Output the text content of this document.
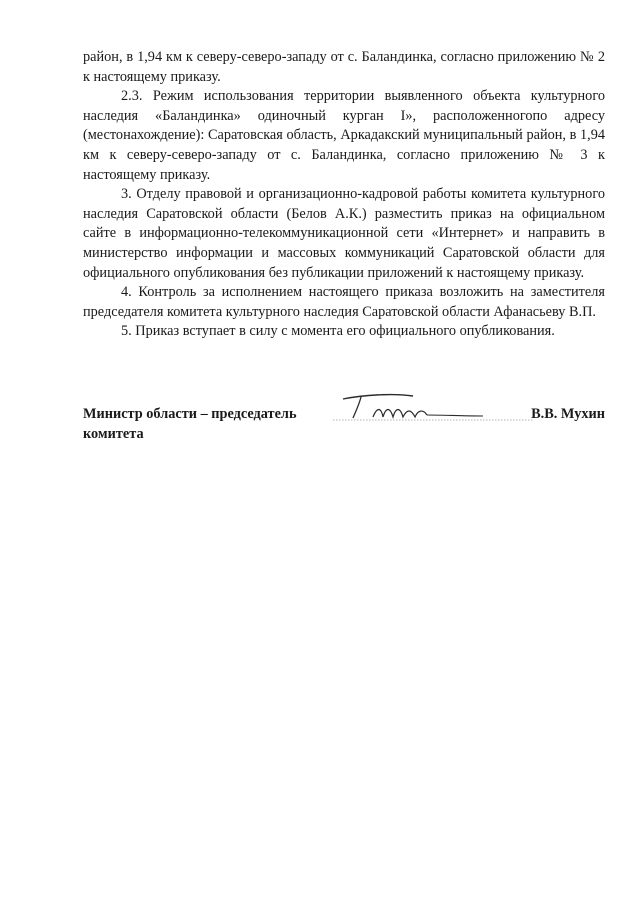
район, в 1,94 км к северу-северо-западу от с. Баландинка, согласно приложению № 2 к настоящему приказу.

2.3. Режим использования территории выявленного объекта культурного наследия «Баландинка» одиночный курган I», расположенногопо адресу (местонахождение): Саратовская область, Аркадакский муниципальный район, в 1,94 км к северу-северо-западу от с. Баландинка, согласно приложению № 3 к настоящему приказу.

3. Отделу правовой и организационно-кадровой работы комитета культурного наследия Саратовской области (Белов А.К.) разместить приказ на официальном сайте в информационно-телекоммуникационной сети «Интернет» и направить в министерство информации и массовых коммуникаций Саратовской области для официального опубликования без публикации приложений к настоящему приказу.

4. Контроль за исполнением настоящего приказа возложить на заместителя председателя комитета культурного наследия Саратовской области Афанасьеву В.П.

5. Приказ вступает в силу с момента его официального опубликования.

Министр области – председатель комитета
В.В. Мухин
